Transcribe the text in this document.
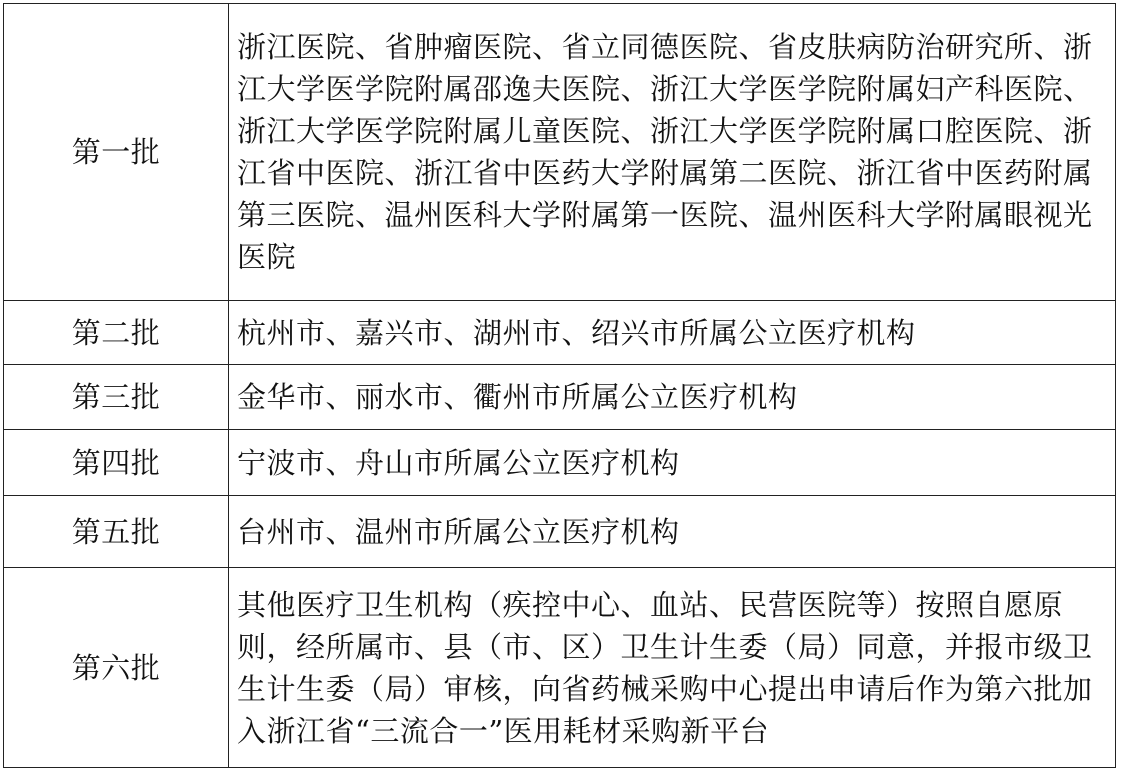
第一批	浙江医院、省肿瘤医院、省立同德医院、省皮肤病防治研究所、浙江大学医学院附属邵逸夫医院、浙江大学医学院附属妇产科医院、浙江大学医学院附属儿童医院、浙江大学医学院附属口腔医院、浙江省中医院、浙江省中医药大学附属第二医院、浙江省中医药附属第三医院、温州医科大学附属第一医院、温州医科大学附属眼视光医院
第二批	杭州市、嘉兴市、湖州市、绍兴市所属公立医疗机构
第三批	金华市、丽水市、衢州市所属公立医疗机构
第四批	宁波市、舟山市所属公立医疗机构
第五批	台州市、温州市所属公立医疗机构
第六批	其他医疗卫生机构（疾控中心、血站、民营医院等）按照自愿原则，经所属市、县（市、区）卫生计生委（局）同意，并报市级卫生计生委（局）审核，向省药械采购中心提出申请后作为第六批加入浙江省“三流合一”医用耗材采购新平台
